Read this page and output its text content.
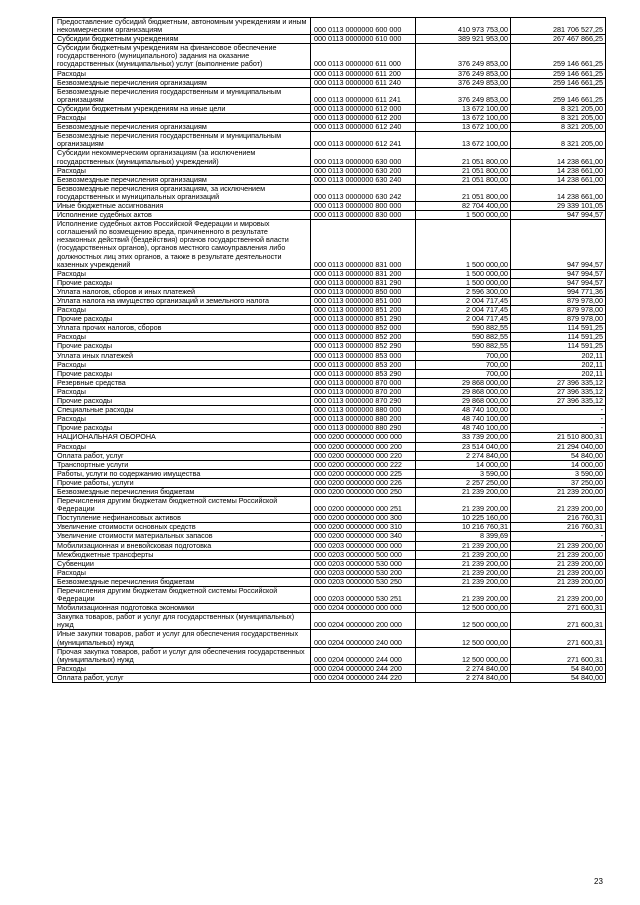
Предоставление субсидий бюджетным, автономным учреждениям и иным некоммерческим организациям	000 0113 0000000 600 000	410 973 753,00	281 706 527,25
Субсидии бюджетным учреждениям	000 0113 0000000 610 000	389 921 953,00	267 467 866,25
Субсидии бюджетным учреждениям на финансовое обеспечение государственного (муниципального) задания на оказание государственных (муниципальных) услуг (выполнение работ)	000 0113 0000000 611 000	376 249 853,00	259 146 661,25
Расходы	000 0113 0000000 611 200	376 249 853,00	259 146 661,25
Безвозмездные перечисления организациям	000 0113 0000000 611 240	376 249 853,00	259 146 661,25
Безвозмездные перечисления государственным и муниципальным организациям	000 0113 0000000 611 241	376 249 853,00	259 146 661,25
Субсидии бюджетным учреждениям на иные цели	000 0113 0000000 612 000	13 672 100,00	8 321 205,00
Расходы	000 0113 0000000 612 200	13 672 100,00	8 321 205,00
Безвозмездные перечисления организациям	000 0113 0000000 612 240	13 672 100,00	8 321 205,00
Безвозмездные перечисления государственным и муниципальным организациям	000 0113 0000000 612 241	13 672 100,00	8 321 205,00
Субсидии некоммерческим организациям (за исключением государственных (муниципальных) учреждений)	000 0113 0000000 630 000	21 051 800,00	14 238 661,00
Расходы	000 0113 0000000 630 200	21 051 800,00	14 238 661,00
Безвозмездные перечисления организациям	000 0113 0000000 630 240	21 051 800,00	14 238 661,00
Безвозмездные перечисления организациям, за исключением государственных и муниципальных организаций	000 0113 0000000 630 242	21 051 800,00	14 238 661,00
Иные бюджетные ассигнования	000 0113 0000000 800 000	82 704 400,00	29 339 101,05
Исполнение судебных актов	000 0113 0000000 830 000	1 500 000,00	947 994,57
Исполнение судебных актов Российской Федерации и мировых соглашений по возмещению вреда, причиненного в результате незаконных действий (бездействия) органов государственной власти (государственных органов), органов местного самоуправления либо должностных лиц этих органов, а также в результате деятельности казенных учреждений	000 0113 0000000 831 000	1 500 000,00	947 994,57
Расходы	000 0113 0000000 831 200	1 500 000,00	947 994,57
Прочие расходы	000 0113 0000000 831 290	1 500 000,00	947 994,57
Уплата налогов, сборов и иных платежей	000 0113 0000000 850 000	2 596 300,00	994 771,36
Уплата налога на имущество организаций и земельного налога	000 0113 0000000 851 000	2 004 717,45	879 978,00
Расходы	000 0113 0000000 851 200	2 004 717,45	879 978,00
Прочие расходы	000 0113 0000000 851 290	2 004 717,45	879 978,00
Уплата прочих налогов, сборов	000 0113 0000000 852 000	590 882,55	114 591,25
Расходы	000 0113 0000000 852 200	590 882,55	114 591,25
Прочие расходы	000 0113 0000000 852 290	590 882,55	114 591,25
Уплата иных платежей	000 0113 0000000 853 000	700,00	202,11
Расходы	000 0113 0000000 853 200	700,00	202,11
Прочие расходы	000 0113 0000000 853 290	700,00	202,11
Резервные средства	000 0113 0000000 870 000	29 868 000,00	27 396 335,12
Расходы	000 0113 0000000 870 200	29 868 000,00	27 396 335,12
Прочие расходы	000 0113 0000000 870 290	29 868 000,00	27 396 335,12
Специальные расходы	000 0113 0000000 880 000	48 740 100,00	-
Расходы	000 0113 0000000 880 200	48 740 100,00	-
Прочие расходы	000 0113 0000000 880 290	48 740 100,00	-
НАЦИОНАЛЬНАЯ ОБОРОНА	000 0200 0000000 000 000	33 739 200,00	21 510 800,31
Расходы	000 0200 0000000 000 200	23 514 040,00	21 294 040,00
Оплата работ, услуг	000 0200 0000000 000 220	2 274 840,00	54 840,00
Транспортные услуги	000 0200 0000000 000 222	14 000,00	14 000,00
Работы, услуги по содержанию имущества	000 0200 0000000 000 225	3 590,00	3 590,00
Прочие работы, услуги	000 0200 0000000 000 226	2 257 250,00	37 250,00
Безвозмездные перечисления бюджетам	000 0200 0000000 000 250	21 239 200,00	21 239 200,00
Перечисления другим бюджетам бюджетной системы Российской Федерации	000 0200 0000000 000 251	21 239 200,00	21 239 200,00
Поступление нефинансовых активов	000 0200 0000000 000 300	10 225 160,00	216 760,31
Увеличение стоимости основных средств	000 0200 0000000 000 310	10 216 760,31	216 760,31
Увеличение стоимости материальных запасов	000 0200 0000000 000 340	8 399,69	-
Мобилизационная и вневойсковая подготовка	000 0203 0000000 000 000	21 239 200,00	21 239 200,00
Межбюджетные трансферты	000 0203 0000000 500 000	21 239 200,00	21 239 200,00
Субвенции	000 0203 0000000 530 000	21 239 200,00	21 239 200,00
Расходы	000 0203 0000000 530 200	21 239 200,00	21 239 200,00
Безвозмездные перечисления бюджетам	000 0203 0000000 530 250	21 239 200,00	21 239 200,00
Перечисления другим бюджетам бюджетной системы Российской Федерации	000 0203 0000000 530 251	21 239 200,00	21 239 200,00
Мобилизационная подготовка экономики	000 0204 0000000 000 000	12 500 000,00	271 600,31
Закупка товаров, работ и услуг для государственных (муниципальных) нужд	000 0204 0000000 200 000	12 500 000,00	271 600,31
Иные закупки товаров, работ и услуг для обеспечения государственных (муниципальных) нужд	000 0204 0000000 240 000	12 500 000,00	271 600,31
Прочая закупка товаров, работ и услуг для обеспечения государственных (муниципальных) нужд	000 0204 0000000 244 000	12 500 000,00	271 600,31
Расходы	000 0204 0000000 244 200	2 274 840,00	54 840,00
Оплата работ, услуг	000 0204 0000000 244 220	2 274 840,00	54 840,00
23
